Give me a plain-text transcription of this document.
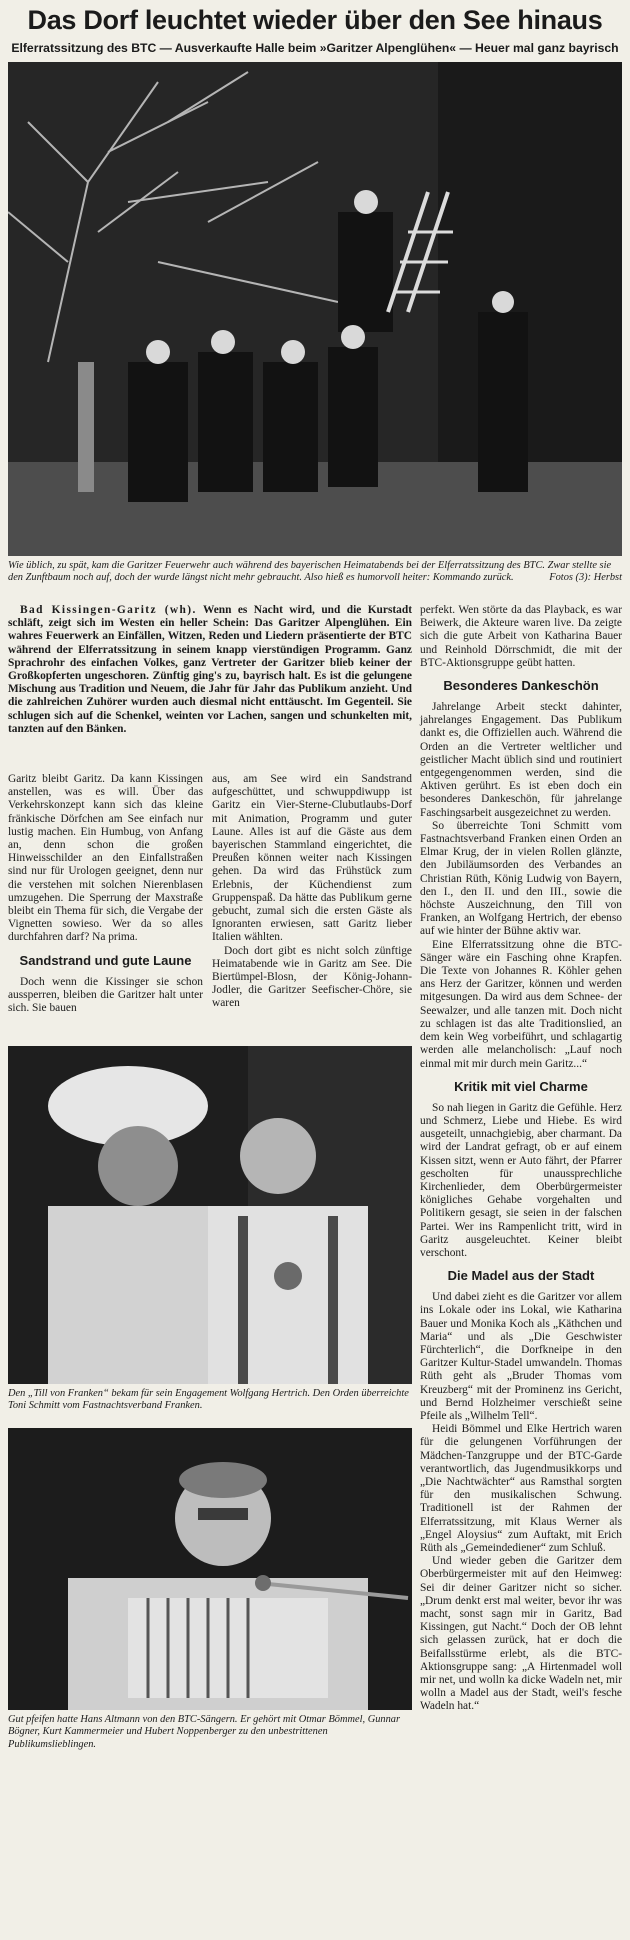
Das Dorf leuchtet wieder über den See hinaus
Elferratssitzung des BTC — Ausverkaufte Halle beim »Garitzer Alpenglühen« — Heuer mal ganz bayrisch
Wie üblich, zu spät, kam die Garitzer Feuerwehr auch während des bayerischen Heimatabends bei der Elferratssitzung des BTC. Zwar stellte sie den Zunftbaum noch auf, doch der wurde längst nicht mehr gebraucht. Also hieß es humorvoll heiter: Kommando zurück.	Fotos (3): Herbst

Bad Kissingen-Garitz (wh). Wenn es Nacht wird, und die Kurstadt schläft, zeigt sich im Westen ein heller Schein: Das Garitzer Alpenglühen. Ein wahres Feuerwerk an Einfällen, Witzen, Reden und Liedern präsentierte der BTC während der Elferratssitzung in seinem knapp vierstündigen Programm. Ganz Sprachrohr des einfachen Volkes, ganz Vertreter der Garitzer blieb keiner der Großkopferten ungeschoren. Zünftig ging's zu, bayrisch halt. Es ist die gelungene Mischung aus Tradition und Neuem, die Jahr für Jahr das Publikum anzieht. Und die zahlreichen Zuhörer wurden auch diesmal nicht enttäuscht. Im Gegenteil. Sie schlugen sich auf die Schenkel, weinten vor Lachen, sangen und schunkelten mit, tanzten auf den Bänken.

Garitz bleibt Garitz. Da kann Kissingen anstellen, was es will. Über das Verkehrskonzept kann sich das kleine fränkische Dörfchen am See einfach nur lustig machen. Ein Humbug, von Anfang an, denn schon die großen Hinweisschilder an den Einfallstraßen sind nur für Urologen geeignet, denn nur die verstehen mit solchen Nierenblasen umzugehen. Die Sperrung der Maxstraße bleibt ein Thema für sich, die Vergabe der Vignetten sowieso. Wer da so alles durchfahren darf? Na prima.

Sandstrand und gute Laune

Doch wenn die Kissinger sie schon aussperren, bleiben die Garitzer halt unter sich. Sie bauen

aus, am See wird ein Sandstrand aufgeschüttet, und schwuppdiwupp ist Garitz ein Vier-Sterne-Clubutlaubs-Dorf mit Animation, Programm und guter Laune. Alles ist auf die Gäste aus dem bayerischen Stammland eingerichtet, die Preußen können weiter nach Kissingen gehen. Da wird das Frühstück zum Erlebnis, der Küchendienst zum Gruppenspaß. Da hätte das Publikum gerne gebucht, zumal sich die ersten Gäste als Ignoranten erwiesen, satt Garitz lieber Italien wählten.

Doch dort gibt es nicht solch zünftige Heimatabende wie in Garitz am See. Die Biertümpel-Blosn, der König-Johann-Jodler, die Garitzer Seefischer-Chöre, sie waren

Den „Till von Franken“ bekam für sein Engagement Wolfgang Hertrich. Den Orden überreichte Toni Schmitt vom Fastnachtsverband Franken.
Gut pfeifen hatte Hans Altmann von den BTC-Sängern. Er gehört mit Otmar Bömmel, Gunnar Bögner, Kurt Kammermeier und Hubert Noppenberger zu den unbestrittenen Publikumslieblingen.

perfekt. Wen störte da das Playback, es war Beiwerk, die Akteure waren live. Da zeigte sich die gute Arbeit von Katharina Bauer und Reinhold Dörrschmidt, die mit der BTC-Aktionsgruppe geübt hatten.

Besonderes Dankeschön

Jahrelange Arbeit steckt dahinter, jahrelanges Engagement. Das Publikum dankt es, die Offiziellen auch. Während die Orden an die Vertreter weltlicher und geistlicher Macht üblich sind und routiniert entgegengenommen werden, sind die Aktiven gerührt. Es ist eben doch ein besonderes Dankeschön, für jahrelange Faschingsarbeit ausgezeichnet zu werden.

So überreichte Toni Schmitt vom Fastnachtsverband Franken einen Orden an Elmar Krug, der in vielen Rollen glänzte, den Jubiläumsorden des Verbandes an Christian Rüth, König Ludwig von Bayern, den I., den II. und den III., sowie die höchste Auszeichnung, den Till von Franken, an Wolfgang Hertrich, der ebenso auf wie hinter der Bühne aktiv war.

Eine Elferratssitzung ohne die BTC-Sänger wäre ein Fasching ohne Krapfen. Die Texte von Johannes R. Köhler gehen ans Herz der Garitzer, können und werden mitgesungen. Da wird aus dem Schnee- der Seewalzer, und alle tanzen mit. Doch nicht zu schlagen ist das alte Traditionslied, an dem kein Weg vorbeiführt, und schlagartig werden alle melancholisch: „Lauf noch einmal mit mir durch mein Garitz...“

Kritik mit viel Charme

So nah liegen in Garitz die Gefühle. Herz und Schmerz, Liebe und Hiebe. Es wird ausgeteilt, unnachgiebig, aber charmant. Da wird der Landrat gefragt, ob er auf einem Kissen sitzt, wenn er Auto fährt, der Pfarrer gescholten für unaussprechliche Kirchenlieder, dem Oberbürgermeister königliches Gehabe vorgehalten und Politikern gesagt, sie seien in der falschen Partei. Wer ins Rampenlicht tritt, wird in Garitz ausgeleuchtet. Keiner bleibt verschont.

Die Madel aus der Stadt

Und dabei zieht es die Garitzer vor allem ins Lokale oder ins Lokal, wie Katharina Bauer und Monika Koch als „Käthchen und Maria“ und als „Die Geschwister Fürchterlich“, die Dorfkneipe in den Garitzer Kultur-Stadel umwandeln. Thomas Rüth geht als „Bruder Thomas vom Kreuzberg“ mit der Prominenz ins Gericht, und Bernd Holzheimer verschießt seine Pfeile als „Wilhelm Tell“.

Heidi Bömmel und Elke Hertrich waren für die gelungenen Vorführungen der Mädchen-Tanzgruppe und der BTC-Garde verantwortlich, das Jugendmusikkorps und „Die Nachtwächter“ aus Ramsthal sorgten für den musikalischen Schwung. Traditionell ist der Rahmen der Elferratssitzung, mit Klaus Werner als „Engel Aloysius“ zum Auftakt, mit Erich Rüth als „Gemeindediener“ zum Schluß.

Und wieder geben die Garitzer dem Oberbürgermeister mit auf den Heimweg: Sei dir deiner Garitzer nicht so sicher. „Drum denkt erst mal weiter, bevor ihr was macht, sonst sagn mir in Garitz, Bad Kissingen, gut Nacht.“ Doch der OB lehnt sich gelassen zurück, hat er doch die Beifallsstürme erlebt, als die BTC-Aktionsgruppe sang: „A Hirtenmadel woll mir net, und wolln ka dicke Wadeln net, mir wolln a Madel aus der Stadt, weil's fesche Wadeln hat.“
